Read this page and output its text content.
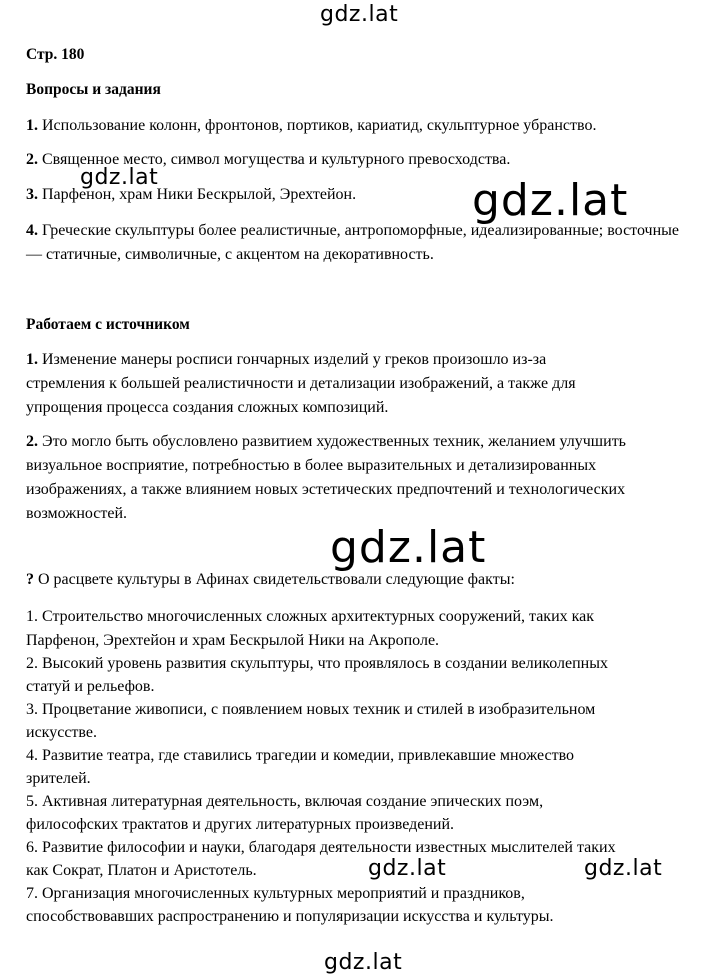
gdz.lat
gdz.lat	gdz.lat
gdz.lat
gdz.lat	gdz.lat
gdz.lat
Стр. 180
Вопросы и задания
1. Использование колонн, фронтонов, портиков, кариатид, скульптурное убранство.
2. Священное место, символ могущества и культурного превосходства.
3. Парфенон, храм Ники Бескрылой, Эрехтейон.
4. Греческие скульптуры более реалистичные, антропоморфные, идеализированные; восточные — статичные, символичные, с акцентом на декоративность.
Работаем с источником
1. Изменение манеры росписи гончарных изделий у греков произошло из-за стремления к большей реалистичности и детализации изображений, а также для упрощения процесса создания сложных композиций.
2. Это могло быть обусловлено развитием художественных техник, желанием улучшить визуальное восприятие, потребностью в более выразительных и детализированных изображениях, а также влиянием новых эстетических предпочтений и технологических возможностей.
? О расцвете культуры в Афинах свидетельствовали следующие факты:
1. Строительство многочисленных сложных архитектурных сооружений, таких как
Парфенон, Эрехтейон и храм Бескрылой Ники на Акрополе.
2. Высокий уровень развития скульптуры, что проявлялось в создании великолепных
статуй и рельефов.
3. Процветание живописи, с появлением новых техник и стилей в изобразительном
искусстве.
4. Развитие театра, где ставились трагедии и комедии, привлекавшие множество
зрителей.
5. Активная литературная деятельность, включая создание эпических поэм,
философских трактатов и других литературных произведений.
6. Развитие философии и науки, благодаря деятельности известных мыслителей таких
как Сократ, Платон и Аристотель.
7. Организация многочисленных культурных мероприятий и праздников,
способствовавших распространению и популяризации искусства и культуры.
